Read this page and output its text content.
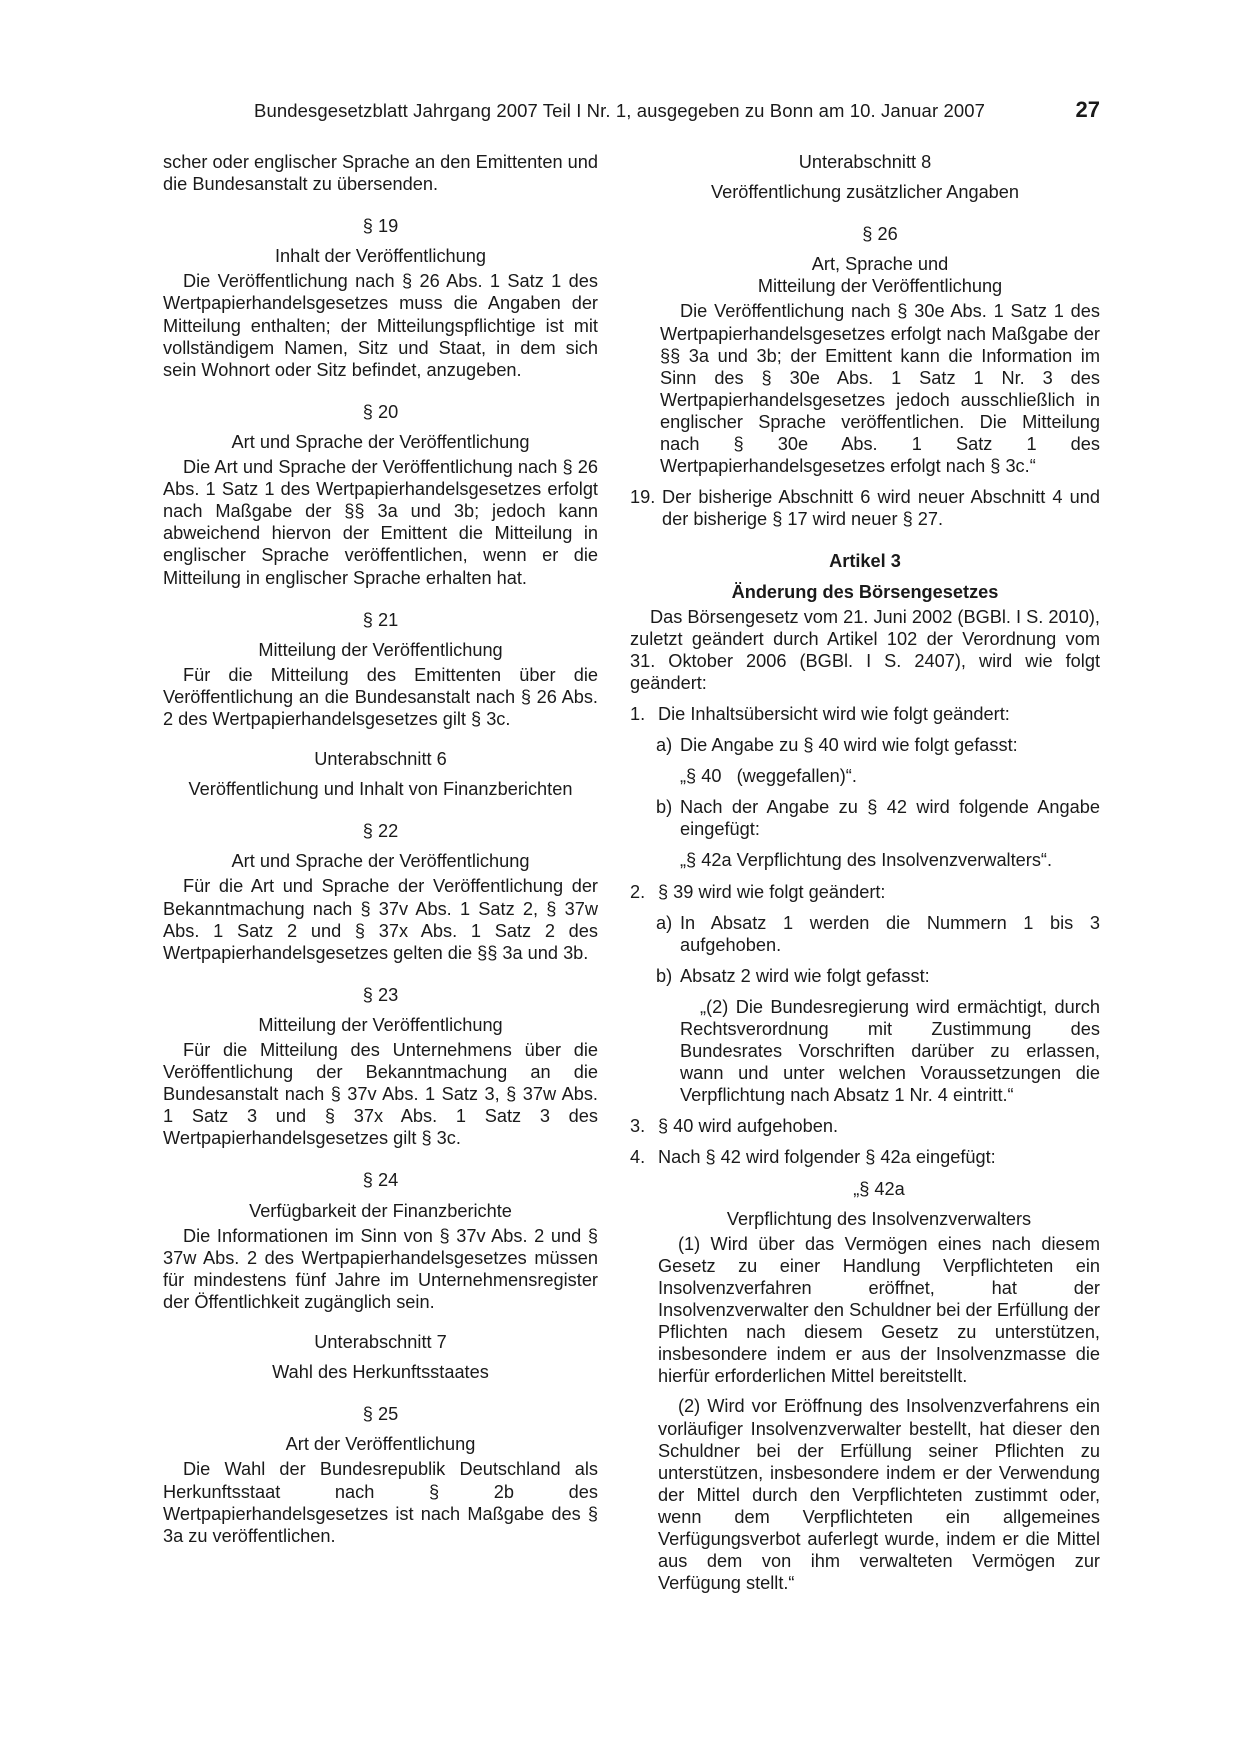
Bundesgesetzblatt Jahrgang 2007 Teil I Nr. 1, ausgegeben zu Bonn am 10. Januar 2007	27

scher oder englischer Sprache an den Emittenten und die Bundesanstalt zu übersenden.

§ 19

Inhalt der Veröffentlichung

Die Veröffentlichung nach § 26 Abs. 1 Satz 1 des Wertpapierhandelsgesetzes muss die Angaben der Mitteilung enthalten; der Mitteilungspflichtige ist mit vollständigem Namen, Sitz und Staat, in dem sich sein Wohnort oder Sitz befindet, anzugeben.

§ 20

Art und Sprache der Veröffentlichung

Die Art und Sprache der Veröffentlichung nach § 26 Abs. 1 Satz 1 des Wertpapierhandelsgesetzes erfolgt nach Maßgabe der §§ 3a und 3b; jedoch kann abweichend hiervon der Emittent die Mitteilung in englischer Sprache veröffentlichen, wenn er die Mitteilung in englischer Sprache erhalten hat.

§ 21

Mitteilung der Veröffentlichung

Für die Mitteilung des Emittenten über die Veröffentlichung an die Bundesanstalt nach § 26 Abs. 2 des Wertpapierhandelsgesetzes gilt § 3c.

Unterabschnitt 6

Veröffentlichung und Inhalt von Finanzberichten

§ 22

Art und Sprache der Veröffentlichung

Für die Art und Sprache der Veröffentlichung der Bekanntmachung nach § 37v Abs. 1 Satz 2, § 37w Abs. 1 Satz 2 und § 37x Abs. 1 Satz 2 des Wertpapierhandelsgesetzes gelten die §§ 3a und 3b.

§ 23

Mitteilung der Veröffentlichung

Für die Mitteilung des Unternehmens über die Veröffentlichung der Bekanntmachung an die Bundesanstalt nach § 37v Abs. 1 Satz 3, § 37w Abs. 1 Satz 3 und § 37x Abs. 1 Satz 3 des Wertpapierhandelsgesetzes gilt § 3c.

§ 24

Verfügbarkeit der Finanzberichte

Die Informationen im Sinn von § 37v Abs. 2 und § 37w Abs. 2 des Wertpapierhandelsgesetzes müssen für mindestens fünf Jahre im Unternehmensregister der Öffentlichkeit zugänglich sein.

Unterabschnitt 7

Wahl des Herkunftsstaates

§ 25

Art der Veröffentlichung

Die Wahl der Bundesrepublik Deutschland als Herkunftsstaat nach § 2b des Wertpapierhandelsgesetzes ist nach Maßgabe des § 3a zu veröffentlichen.

Unterabschnitt 8

Veröffentlichung zusätzlicher Angaben

§ 26

Art, Sprache und

Mitteilung der Veröffentlichung

Die Veröffentlichung nach § 30e Abs. 1 Satz 1 des Wertpapierhandelsgesetzes erfolgt nach Maßgabe der §§ 3a und 3b; der Emittent kann die Information im Sinn des § 30e Abs. 1 Satz 1 Nr. 3 des Wertpapierhandelsgesetzes jedoch ausschließlich in englischer Sprache veröffentlichen. Die Mitteilung nach § 30e Abs. 1 Satz 1 des Wertpapierhandelsgesetzes erfolgt nach § 3c.“

19. Der bisherige Abschnitt 6 wird neuer Abschnitt 4 und der bisherige § 17 wird neuer § 27.

Artikel 3

Änderung des Börsengesetzes

Das Börsengesetz vom 21. Juni 2002 (BGBl. I S. 2010), zuletzt geändert durch Artikel 102 der Verordnung vom 31. Oktober 2006 (BGBl. I S. 2407), wird wie folgt geändert:

1. Die Inhaltsübersicht wird wie folgt geändert:
a) Die Angabe zu § 40 wird wie folgt gefasst:

„§ 40   (weggefallen)“.

b) Nach der Angabe zu § 42 wird folgende Angabe eingefügt:

„§ 42a Verpflichtung des Insolvenzverwalters“.

2. § 39 wird wie folgt geändert:
a) In Absatz 1 werden die Nummern 1 bis 3 aufgehoben.
b) Absatz 2 wird wie folgt gefasst:

„(2) Die Bundesregierung wird ermächtigt, durch Rechtsverordnung mit Zustimmung des Bundesrates Vorschriften darüber zu erlassen, wann und unter welchen Voraussetzungen die Verpflichtung nach Absatz 1 Nr. 4 eintritt.“

3. § 40 wird aufgehoben.
4. Nach § 42 wird folgender § 42a eingefügt:

„§ 42a

Verpflichtung des Insolvenzverwalters

(1) Wird über das Vermögen eines nach diesem Gesetz zu einer Handlung Verpflichteten ein Insolvenzverfahren eröffnet, hat der Insolvenzverwalter den Schuldner bei der Erfüllung der Pflichten nach diesem Gesetz zu unterstützen, insbesondere indem er aus der Insolvenzmasse die hierfür erforderlichen Mittel bereitstellt.

(2) Wird vor Eröffnung des Insolvenzverfahrens ein vorläufiger Insolvenzverwalter bestellt, hat dieser den Schuldner bei der Erfüllung seiner Pflichten zu unterstützen, insbesondere indem er der Verwendung der Mittel durch den Verpflichteten zustimmt oder, wenn dem Verpflichteten ein allgemeines Verfügungsverbot auferlegt wurde, indem er die Mittel aus dem von ihm verwalteten Vermögen zur Verfügung stellt.“
